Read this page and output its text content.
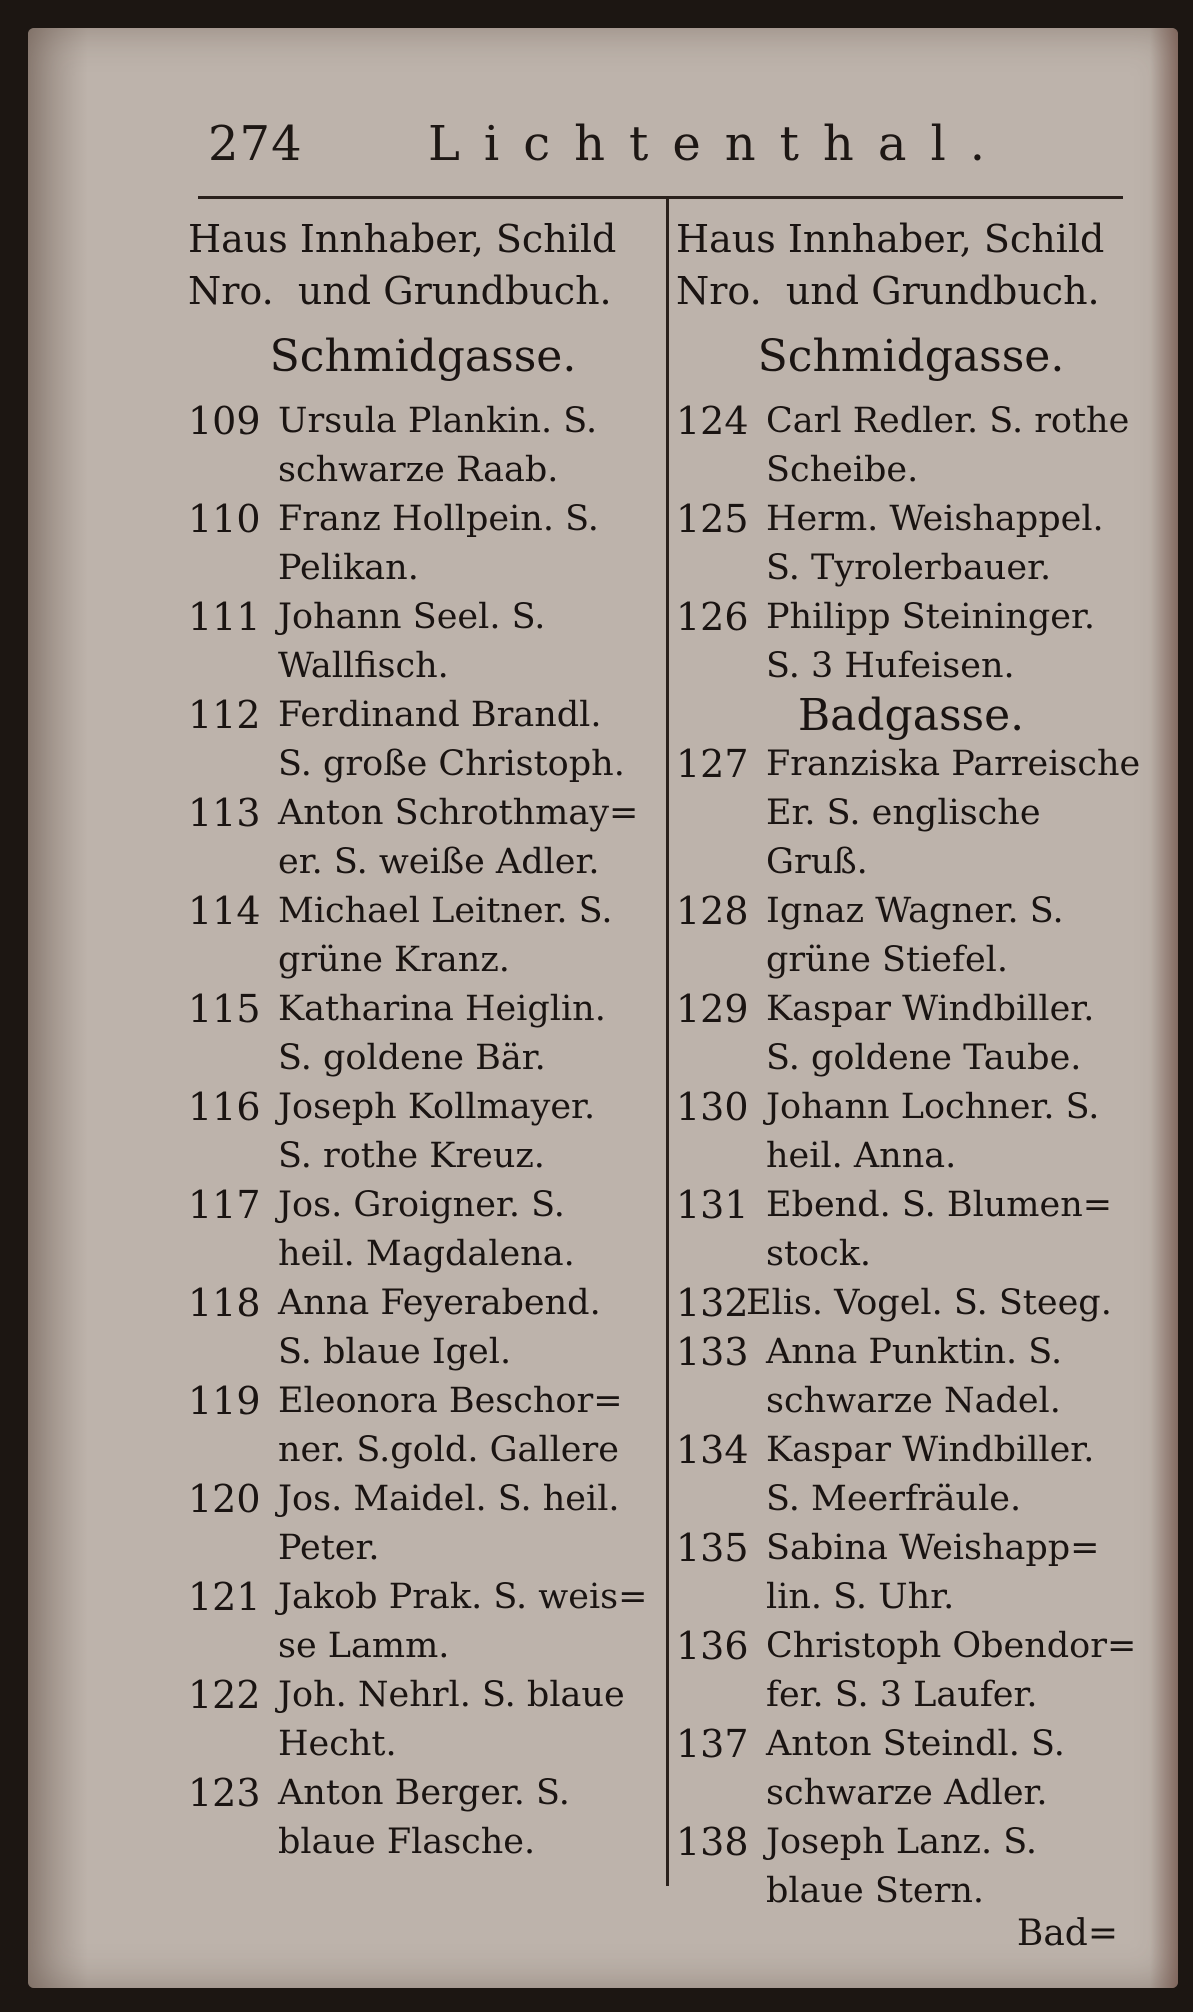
274	Lichtenthal.
Haus Innhaber, Schild
Nro.  und Grundbuch.
Schmidgasse.
109 Ursula Plankin. S.
schwarze Raab.
110 Franz Hollpein. S.
Pelikan.
111 Johann Seel. S.
Wallfisch.
112 Ferdinand Brandl.
S. große Christoph.
113 Anton Schrothmay=
er. S. weiße Adler.
114 Michael Leitner. S.
grüne Kranz.
115 Katharina Heiglin.
S. goldene Bär.
116 Joseph Kollmayer.
S. rothe Kreuz.
117 Jos. Groigner. S.
heil. Magdalena.
118 Anna Feyerabend.
S. blaue Igel.
119 Eleonora Beschor=
ner. S.gold. Gallere
120 Jos. Maidel. S. heil.
Peter.
121 Jakob Prak. S. weis=
se Lamm.
122 Joh. Nehrl. S. blaue
Hecht.
123 Anton Berger. S.
blaue Flasche.
Haus Innhaber, Schild
Nro.  und Grundbuch.
Schmidgasse.
124 Carl Redler. S. rothe
Scheibe.
125 Herm. Weishappel.
S. Tyrolerbauer.
126 Philipp Steininger.
S. 3 Hufeisen.
Badgasse.
127 Franziska Parreische
Er. S. englische Gruß.
128 Ignaz Wagner. S.
grüne Stiefel.
129 Kaspar Windbiller.
S. goldene Taube.
130 Johann Lochner. S.
heil. Anna.
131 Ebend. S. Blumen=
stock.
132
Elis. Vogel. S. Steeg.
133 Anna Punktin. S.
schwarze Nadel.
134 Kaspar Windbiller.
S. Meerfräule.
135 Sabina Weishapp=
lin. S. Uhr.
136 Christoph Obendor=
fer. S. 3 Laufer.
137 Anton Steindl. S.
schwarze Adler.
138 Joseph Lanz. S.
blaue Stern.
Bad=
